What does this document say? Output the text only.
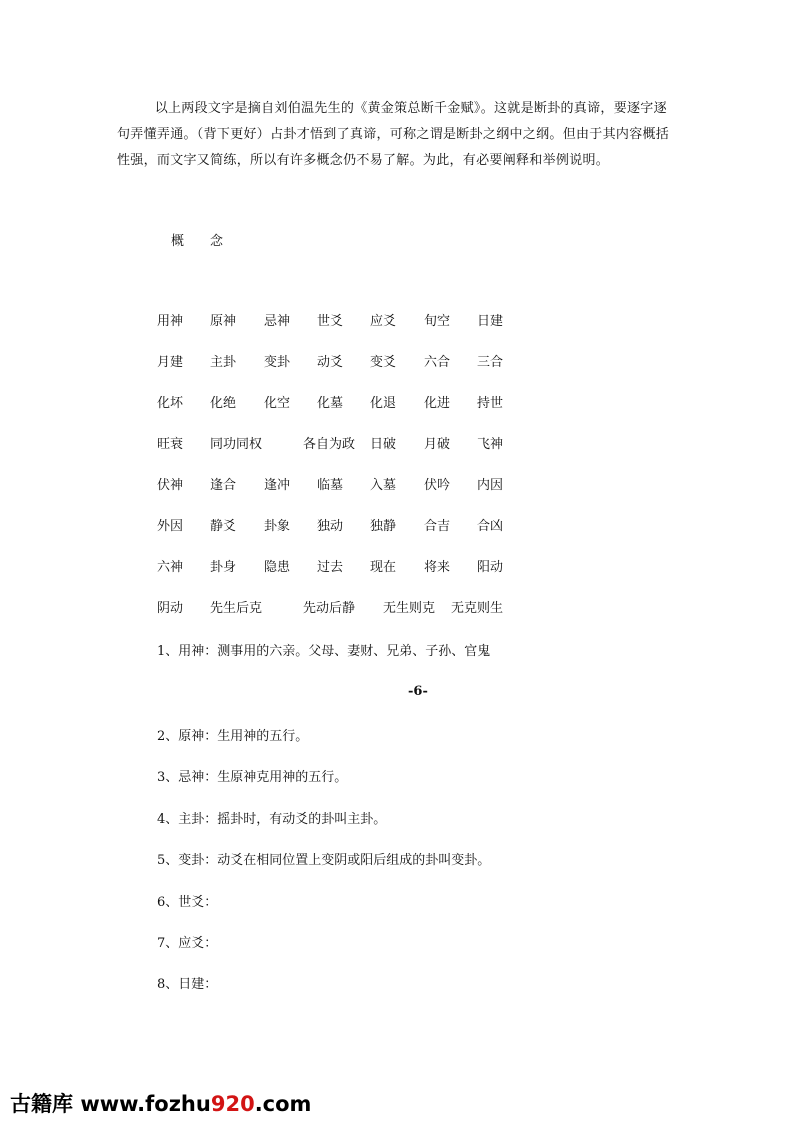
以上两段文字是摘自刘伯温先生的《黄金策总断千金赋》。这就是断卦的真谛，要逐字逐句弄懂弄通。（背下更好）占卦才悟到了真谛，可称之谓是断卦之纲中之纲。但由于其内容概括性强，而文字又简练，所以有许多概念仍不易了解。为此，有必要阐释和举例说明。

概 念
用神 原神 忌神 世爻 应爻 旬空 日建
月建 主卦 变卦 动爻 变爻 六合 三合
化坏 化绝 化空 化墓 化退 化进 持世
旺衰 同功同权	各自为政 日破 月破 飞神
伏神 逢合 逢冲 临墓 入墓 伏吟 内因
外因 静爻 卦象 独动 独静 合吉 合凶
六神 卦身 隐患 过去 现在 将来 阳动
阴动 先生后克	先动后静 无生则克 无克则生
1、用神：测事用的六亲。父母、妻财、兄弟、子孙、官鬼
2、原神：生用神的五行。
3、忌神：生原神克用神的五行。
4、主卦：摇卦时，有动爻的卦叫主卦。
5、变卦：动爻在相同位置上变阴或阳后组成的卦叫变卦。
6、世爻：
7、应爻：
8、日建：
-6-
古籍库 www.fozhu920.com
